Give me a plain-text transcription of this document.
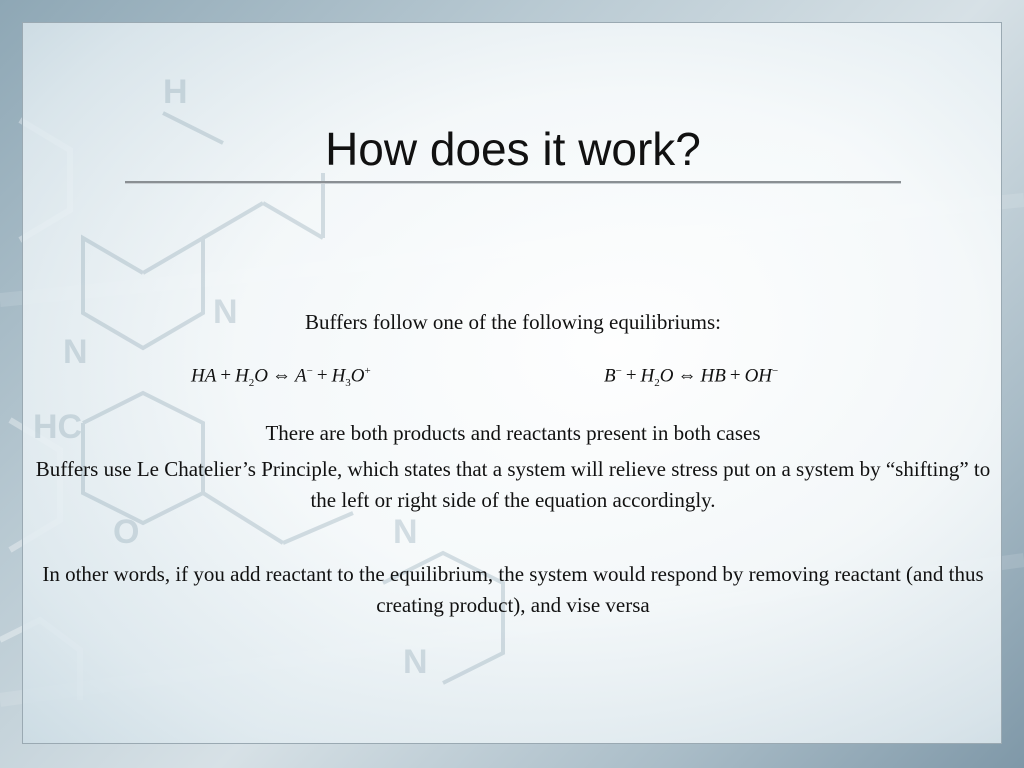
N
HC
N
O	N
N
H
How does it work?
Buffers follow one of the following equilibriums:
HA + $H_2O$ ⇔ $A^- + H_3O^+$	$B^- + H_2O$ ⇔ HB + OH−
There are both products and reactants present in both cases
Buffers use Le Chatelier’s Principle, which states that a system will relieve stress put on a system by “shifting” to the left or right side of the equation accordingly.
In other words, if you add reactant to the equilibrium, the system would respond by removing reactant (and thus creating product), and vise versa
